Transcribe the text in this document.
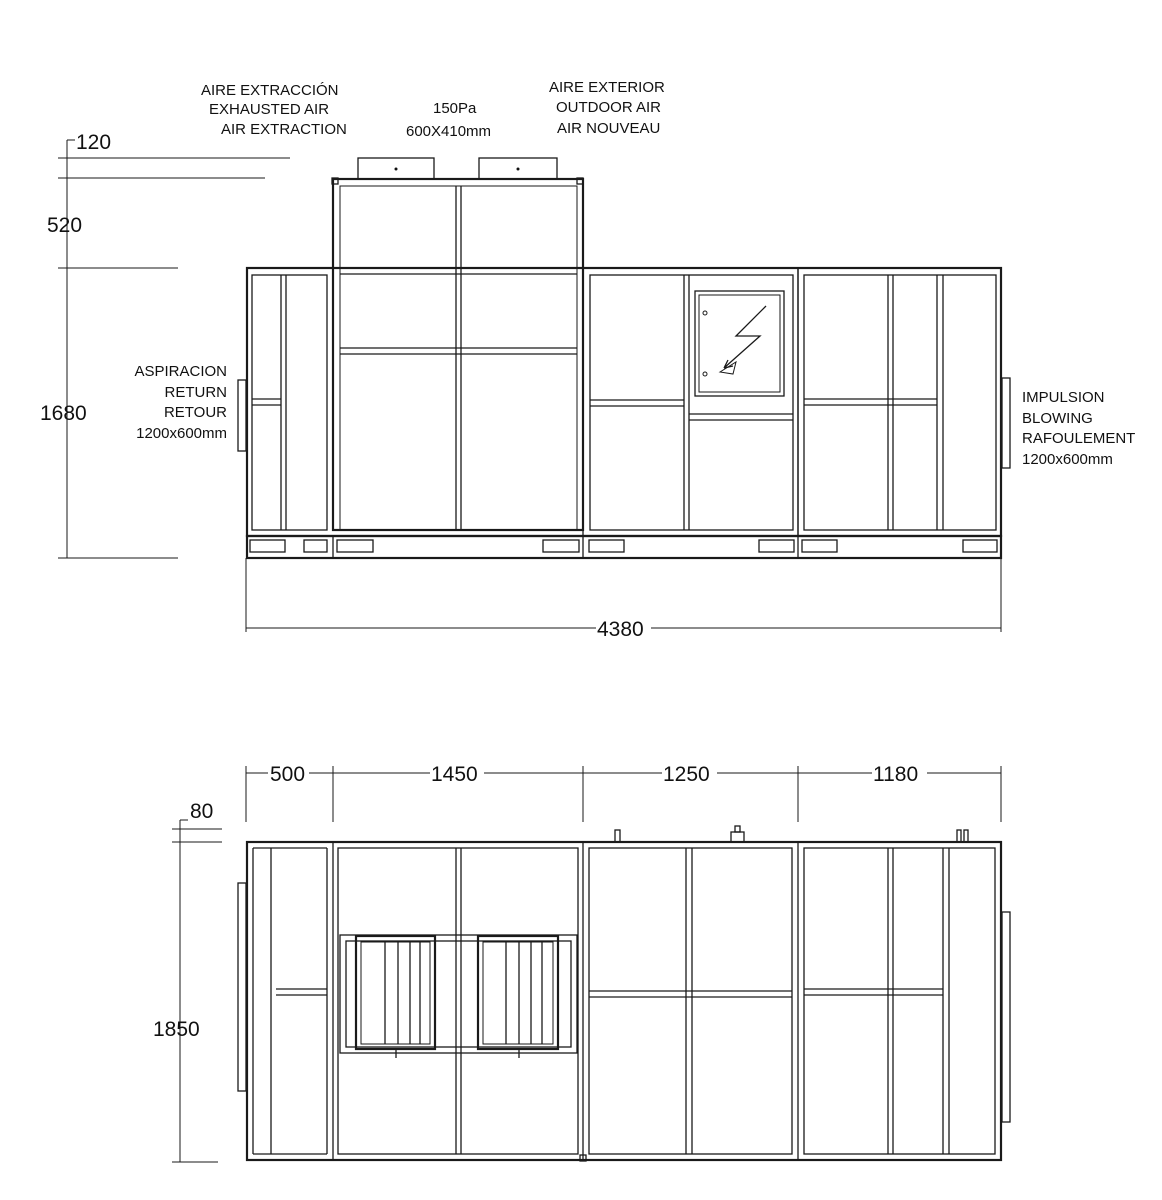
120
520
1680
AIRE EXTRACCIÓN
EXHAUSTED AIR
AIR EXTRACTION
150Pa
600X410mm
AIRE EXTERIOR
OUTDOOR AIR
AIR NOUVEAU
ASPIRACION
RETURN
RETOUR
1200x600mm
IMPULSION
BLOWING
RAFOULEMENT
1200x600mm
4380
500	1450	1250	1180
80
1850
